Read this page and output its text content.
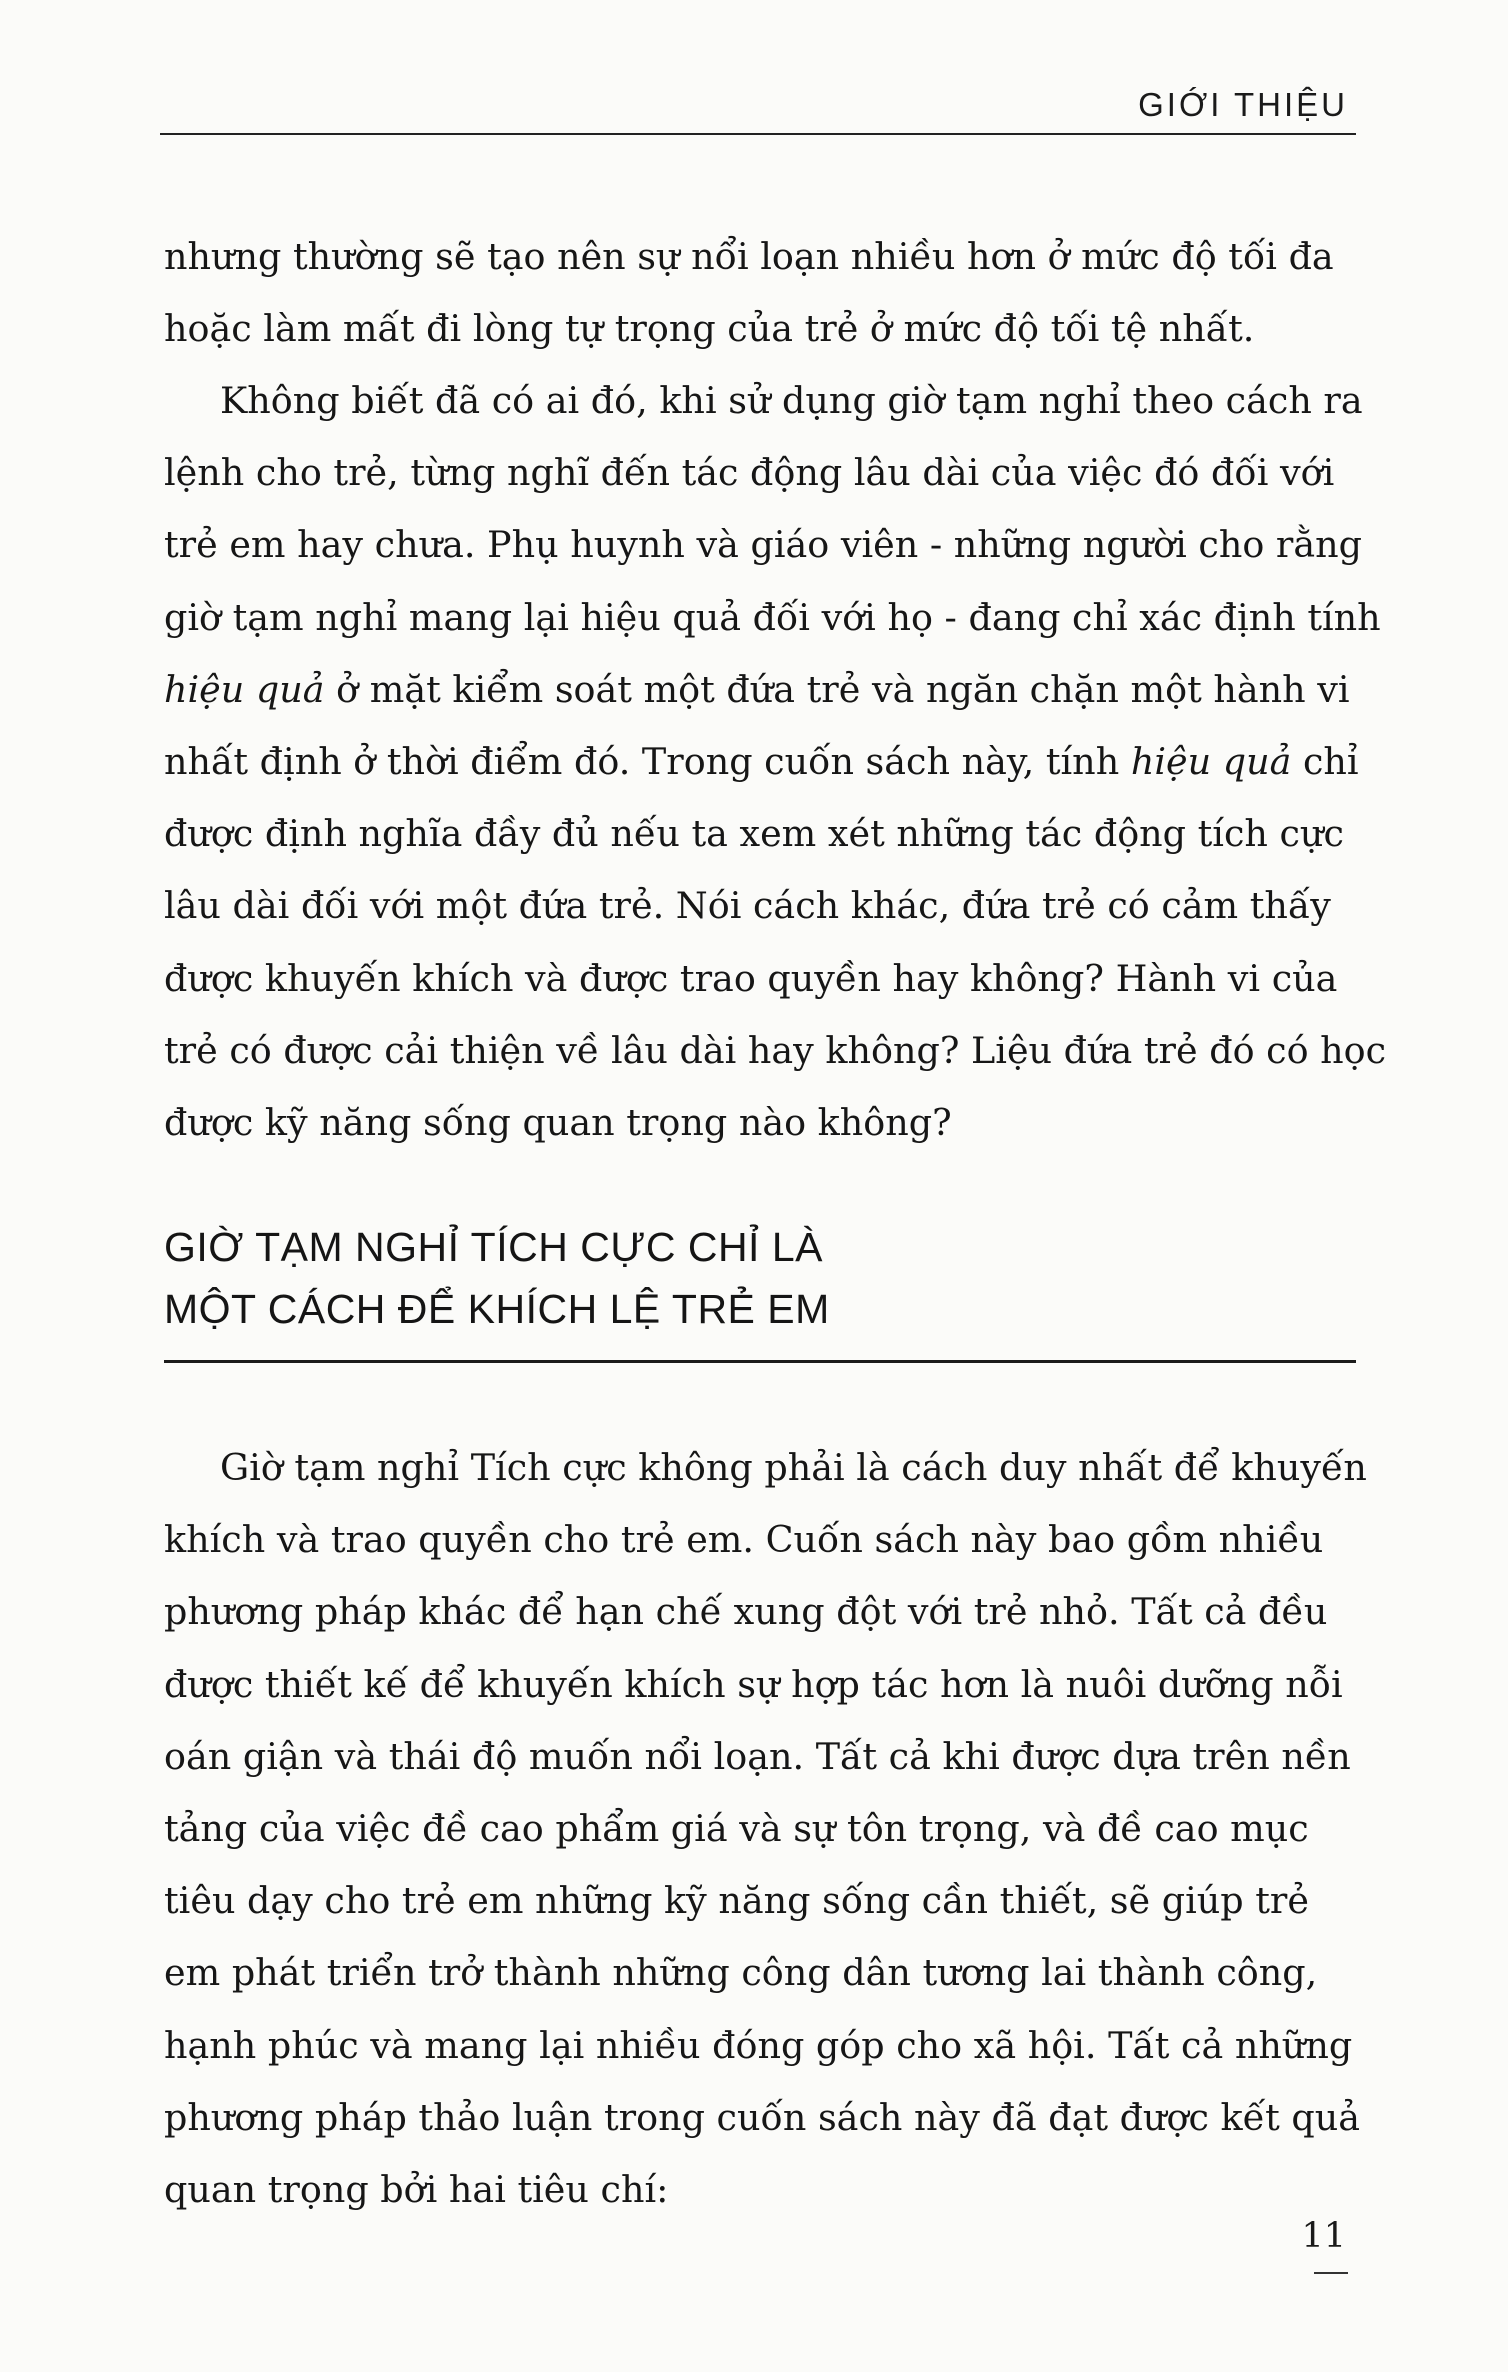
GIỚI THIỆU

nhưng thường sẽ tạo nên sự nổi loạn nhiều hơn ở mức độ tối đa
hoặc làm mất đi lòng tự trọng của trẻ ở mức độ tối tệ nhất.

Không biết đã có ai đó, khi sử dụng giờ tạm nghỉ theo cách ra
lệnh cho trẻ, từng nghĩ đến tác động lâu dài của việc đó đối với
trẻ em hay chưa. Phụ huynh và giáo viên - những người cho rằng
giờ tạm nghỉ mang lại hiệu quả đối với họ - đang chỉ xác định tính
hiệu quả ở mặt kiểm soát một đứa trẻ và ngăn chặn một hành vi
nhất định ở thời điểm đó. Trong cuốn sách này, tính hiệu quả chỉ
được định nghĩa đầy đủ nếu ta xem xét những tác động tích cực
lâu dài đối với một đứa trẻ. Nói cách khác, đứa trẻ có cảm thấy
được khuyến khích và được trao quyền hay không? Hành vi của
trẻ có được cải thiện về lâu dài hay không? Liệu đứa trẻ đó có học
được kỹ năng sống quan trọng nào không?

GIỜ TẠM NGHỈ TÍCH CỰC CHỈ LÀ
MỘT CÁCH ĐỂ KHÍCH LỆ TRẺ EM

Giờ tạm nghỉ Tích cực không phải là cách duy nhất để khuyến
khích và trao quyền cho trẻ em. Cuốn sách này bao gồm nhiều
phương pháp khác để hạn chế xung đột với trẻ nhỏ. Tất cả đều
được thiết kế để khuyến khích sự hợp tác hơn là nuôi dưỡng nỗi
oán giận và thái độ muốn nổi loạn. Tất cả khi được dựa trên nền
tảng của việc đề cao phẩm giá và sự tôn trọng, và đề cao mục
tiêu dạy cho trẻ em những kỹ năng sống cần thiết, sẽ giúp trẻ
em phát triển trở thành những công dân tương lai thành công,
hạnh phúc và mang lại nhiều đóng góp cho xã hội. Tất cả những
phương pháp thảo luận trong cuốn sách này đã đạt được kết quả
quan trọng bởi hai tiêu chí:

11
